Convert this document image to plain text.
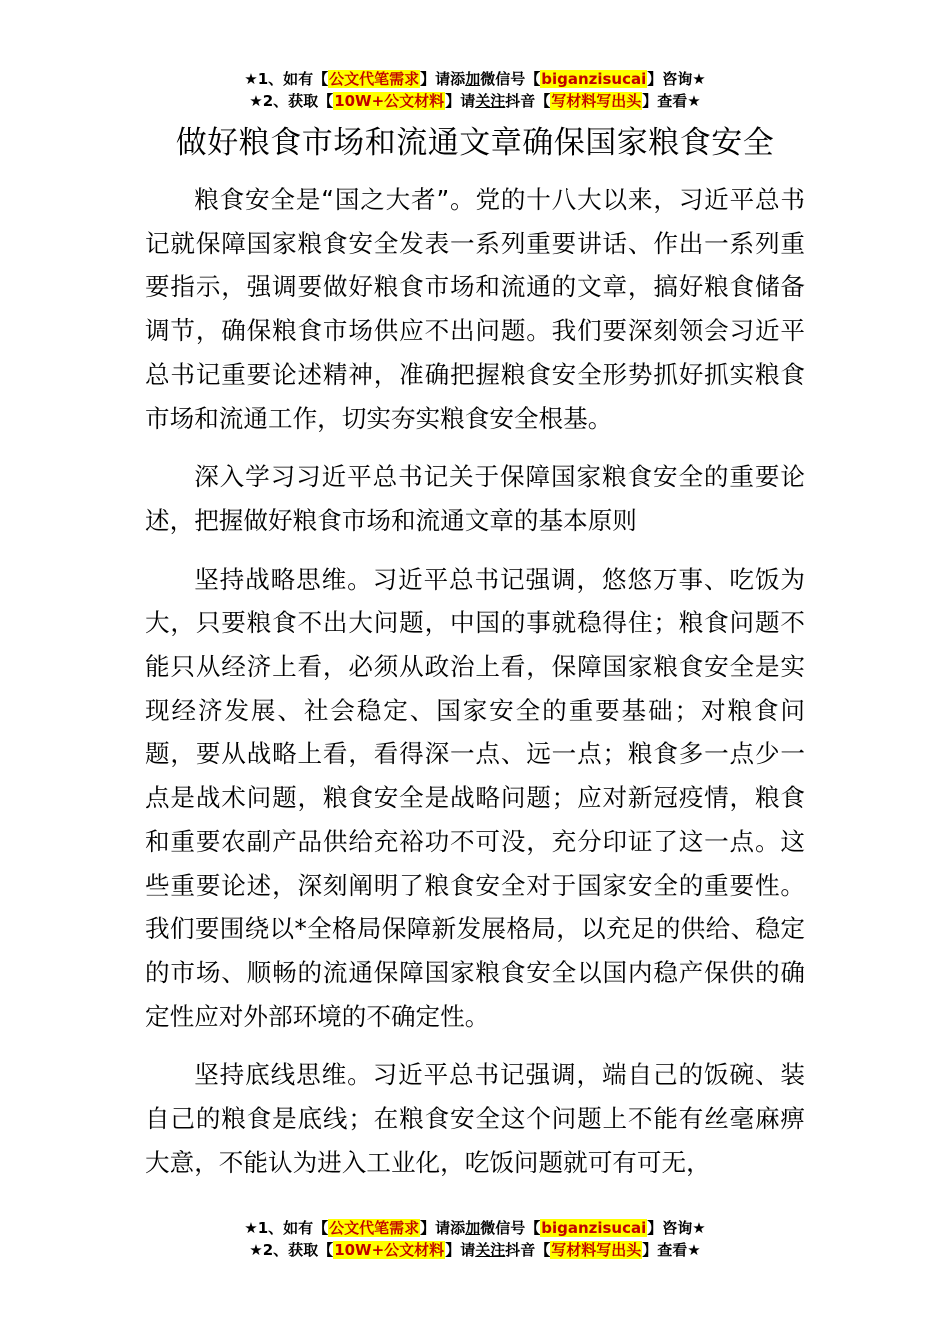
★1、如有【公文代笔需求】请添加微信号【biganzisucai】咨询★
★2、获取【10W+公文材料】请关注抖音【写材料写出头】查看★
做好粮食市场和流通文章确保国家粮食安全

粮食安全是“国之大者”。党的十八大以来，习近平总书记就保障国家粮食安全发表一系列重要讲话、作出一系列重要指示，强调要做好粮食市场和流通的文章，搞好粮食储备调节，确保粮食市场供应不出问题。我们要深刻领会习近平总书记重要论述精神，准确把握粮食安全形势抓好抓实粮食市场和流通工作，切实夯实粮食安全根基。

深入学习习近平总书记关于保障国家粮食安全的重要论述，把握做好粮食市场和流通文章的基本原则

坚持战略思维。习近平总书记强调，悠悠万事、吃饭为大，只要粮食不出大问题，中国的事就稳得住；粮食问题不能只从经济上看，必须从政治上看，保障国家粮食安全是实现经济发展、社会稳定、国家安全的重要基础；对粮食问题，要从战略上看，看得深一点、远一点；粮食多一点少一点是战术问题，粮食安全是战略问题；应对新冠疫情，粮食和重要农副产品供给充裕功不可没，充分印证了这一点。这些重要论述，深刻阐明了粮食安全对于国家安全的重要性。我们要围绕以*全格局保障新发展格局，以充足的供给、稳定的市场、顺畅的流通保障国家粮食安全以国内稳产保供的确定性应对外部环境的不确定性。

坚持底线思维。习近平总书记强调，端自己的饭碗、装自己的粮食是底线；在粮食安全这个问题上不能有丝毫麻痹大意，不能认为进入工业化，吃饭问题就可有可无，

★1、如有【公文代笔需求】请添加微信号【biganzisucai】咨询★
★2、获取【10W+公文材料】请关注抖音【写材料写出头】查看★
